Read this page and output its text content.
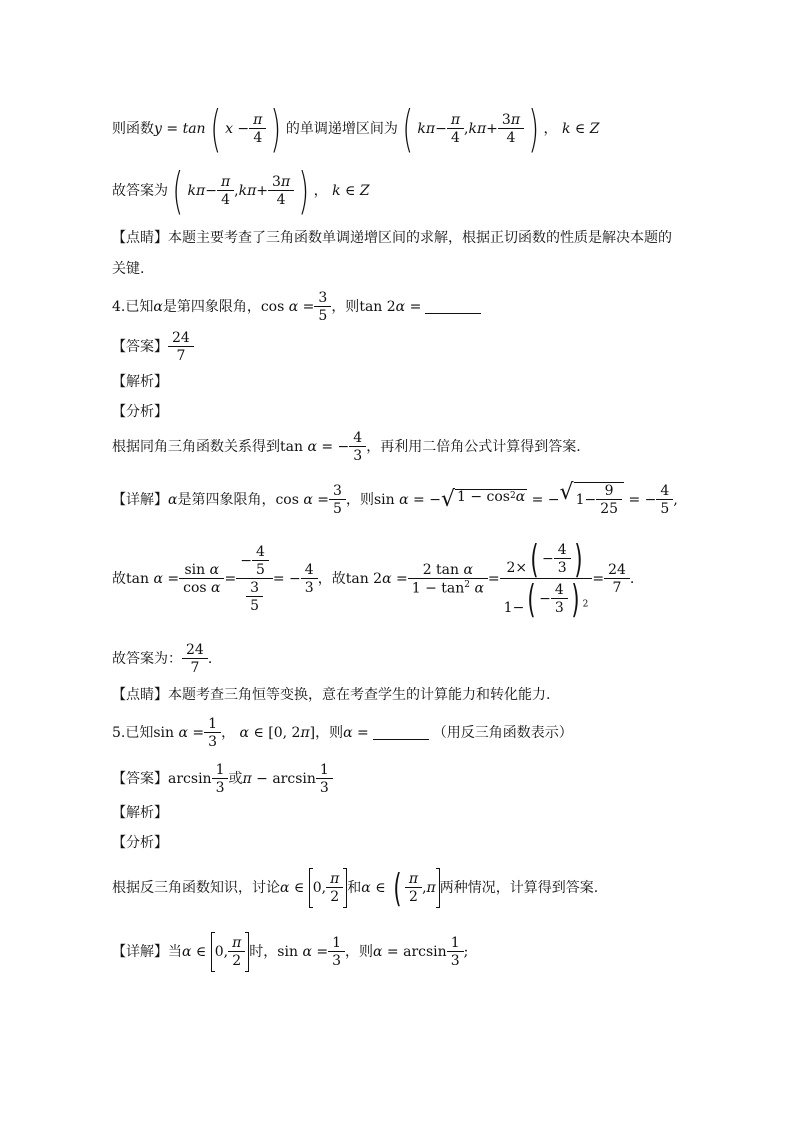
则函数 y = tan ( x −
π
4 ) 的单调递增区间为 ( kπ −
π
4
, kπ +
3π
4 ) ，
k ∈ Z
故答案为 ( kπ −
π
4
, kπ +
3π
4 ) ， k ∈ Z
【点睛】 本题主要考查了三角函数单调递增区间的求解，根据正切函数的性质是解决本题的
关键.
4. 已知 α 是第四象限角， cos α =
3
5
，则 tan 2 α =
【答案】
24
7
【解析】
【分析】
根据同角三角函数关系得到 tan α = −
4
3
，再利用二倍角公式计算得到答案.
【详解】 α 是第四象限角， cos α =
3
5
，则 sin α = − √ 1 − cos 2 α = − √ 1−
9
25
= −
4
5
,
故 tan α =
sin α
cos α
=
− $\frac{4}{5}$
$\frac{3}{5}$
= −
4
3
，故 tan 2 α =
2 tan α
$1 - \tan^2 \alpha$
=
2× ( −
4
3 )
1− ( −
4
3 ) $^2$
=
24
7
.
故答案为：
24
7
.
【点睛】 本题考查三角恒等变换，意在考查学生的计算能力和转化能力.
5. 已知 sin α =
1
3
， α ∈ [0, 2 π ] ，则 α =	（用反三角函数表示）
【答案】 arcsin
1
3
或 π − arcsin
1
3
【解析】
【分析】
根据反三角函数知识，讨论 α ∈ 0,
π
2
和 α ∈ ( π
2
, π 两种情况，计算得到答案.
【详解】 当 α ∈ 0,
π
2
时， sin α =
1
3
，则 α = arcsin
1
3
;
